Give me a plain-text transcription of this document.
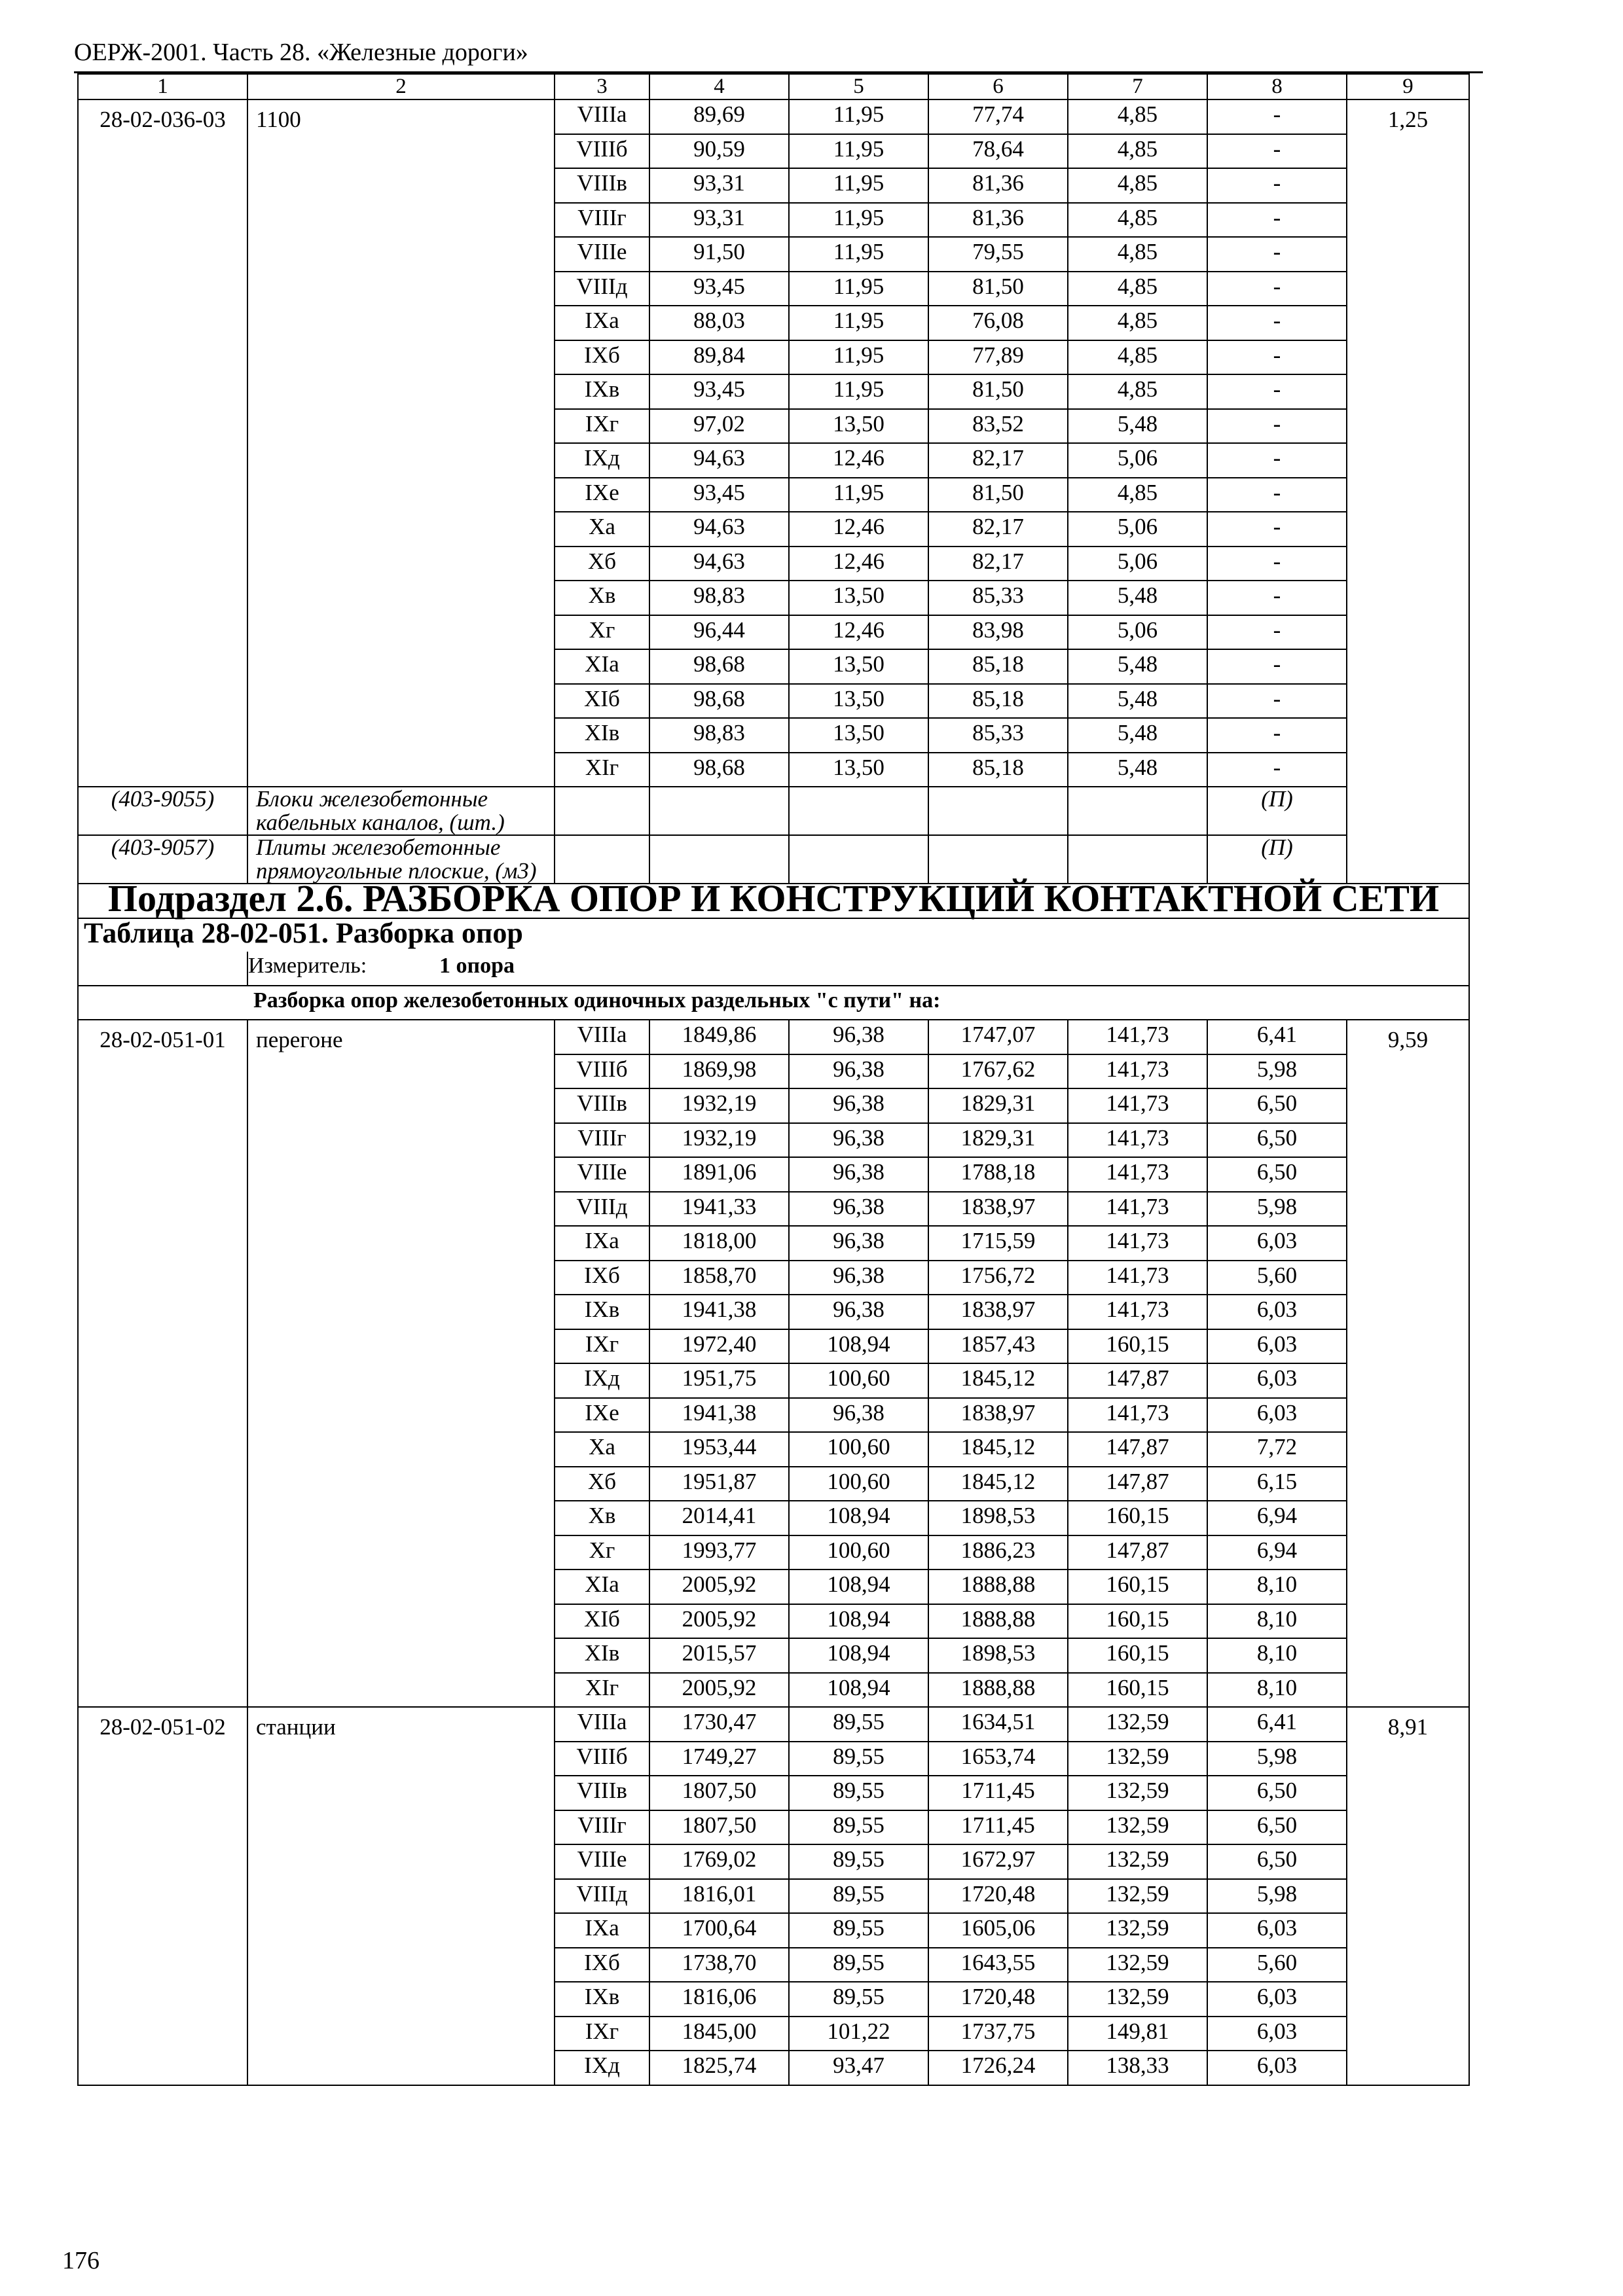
ОЕРЖ-2001. Часть 28. «Железные дороги»
1	2	3	4	5	6	7	8	9
28-02-036-03	1100	VIIIа	89,69	11,95	77,74	4,85	-	1,25
		VIIIб	90,59	11,95	78,64	4,85	-	
		VIIIв	93,31	11,95	81,36	4,85	-	
		VIIIг	93,31	11,95	81,36	4,85	-	
		VIIIе	91,50	11,95	79,55	4,85	-	
		VIIIд	93,45	11,95	81,50	4,85	-	
		IXа	88,03	11,95	76,08	4,85	-	
		IXб	89,84	11,95	77,89	4,85	-	
		IXв	93,45	11,95	81,50	4,85	-	
		IXг	97,02	13,50	83,52	5,48	-	
		IXд	94,63	12,46	82,17	5,06	-	
		IXе	93,45	11,95	81,50	4,85	-	
		Xа	94,63	12,46	82,17	5,06	-	
		Xб	94,63	12,46	82,17	5,06	-	
		Xв	98,83	13,50	85,33	5,48	-	
		Xг	96,44	12,46	83,98	5,06	-	
		XIа	98,68	13,50	85,18	5,48	-	
		XIб	98,68	13,50	85,18	5,48	-	
		XIв	98,83	13,50	85,33	5,48	-	
		XIг	98,68	13,50	85,18	5,48	-	
(403-9055)	Блоки железобетонные кабельных каналов, (шт.)						(П)	
(403-9057)	Плиты железобетонные прямоугольные плоские, (м3)						(П)	
Подраздел 2.6. РАЗБОРКА ОПОР И КОНСТРУКЦИЙ КОНТАКТНОЙ СЕТИ								
Таблица 28-02-051. Разборка опор								
	Измеритель: 1 опора							
Разборка опор железобетонных одиночных раздельных "с пути" на:								
28-02-051-01	перегоне	VIIIа	1849,86	96,38	1747,07	141,73	6,41	9,59
		VIIIб	1869,98	96,38	1767,62	141,73	5,98	
		VIIIв	1932,19	96,38	1829,31	141,73	6,50	
		VIIIг	1932,19	96,38	1829,31	141,73	6,50	
		VIIIе	1891,06	96,38	1788,18	141,73	6,50	
		VIIIд	1941,33	96,38	1838,97	141,73	5,98	
		IXа	1818,00	96,38	1715,59	141,73	6,03	
		IXб	1858,70	96,38	1756,72	141,73	5,60	
		IXв	1941,38	96,38	1838,97	141,73	6,03	
		IXг	1972,40	108,94	1857,43	160,15	6,03	
		IXд	1951,75	100,60	1845,12	147,87	6,03	
		IXе	1941,38	96,38	1838,97	141,73	6,03	
		Xа	1953,44	100,60	1845,12	147,87	7,72	
		Xб	1951,87	100,60	1845,12	147,87	6,15	
		Xв	2014,41	108,94	1898,53	160,15	6,94	
		Xг	1993,77	100,60	1886,23	147,87	6,94	
		XIа	2005,92	108,94	1888,88	160,15	8,10	
		XIб	2005,92	108,94	1888,88	160,15	8,10	
		XIв	2015,57	108,94	1898,53	160,15	8,10	
		XIг	2005,92	108,94	1888,88	160,15	8,10	
28-02-051-02	станции	VIIIа	1730,47	89,55	1634,51	132,59	6,41	8,91
		VIIIб	1749,27	89,55	1653,74	132,59	5,98	
		VIIIв	1807,50	89,55	1711,45	132,59	6,50	
		VIIIг	1807,50	89,55	1711,45	132,59	6,50	
		VIIIе	1769,02	89,55	1672,97	132,59	6,50	
		VIIIд	1816,01	89,55	1720,48	132,59	5,98	
		IXа	1700,64	89,55	1605,06	132,59	6,03	
		IXб	1738,70	89,55	1643,55	132,59	5,60	
		IXв	1816,06	89,55	1720,48	132,59	6,03	
		IXг	1845,00	101,22	1737,75	149,81	6,03	
		IXд	1825,74	93,47	1726,24	138,33	6,03	
176
